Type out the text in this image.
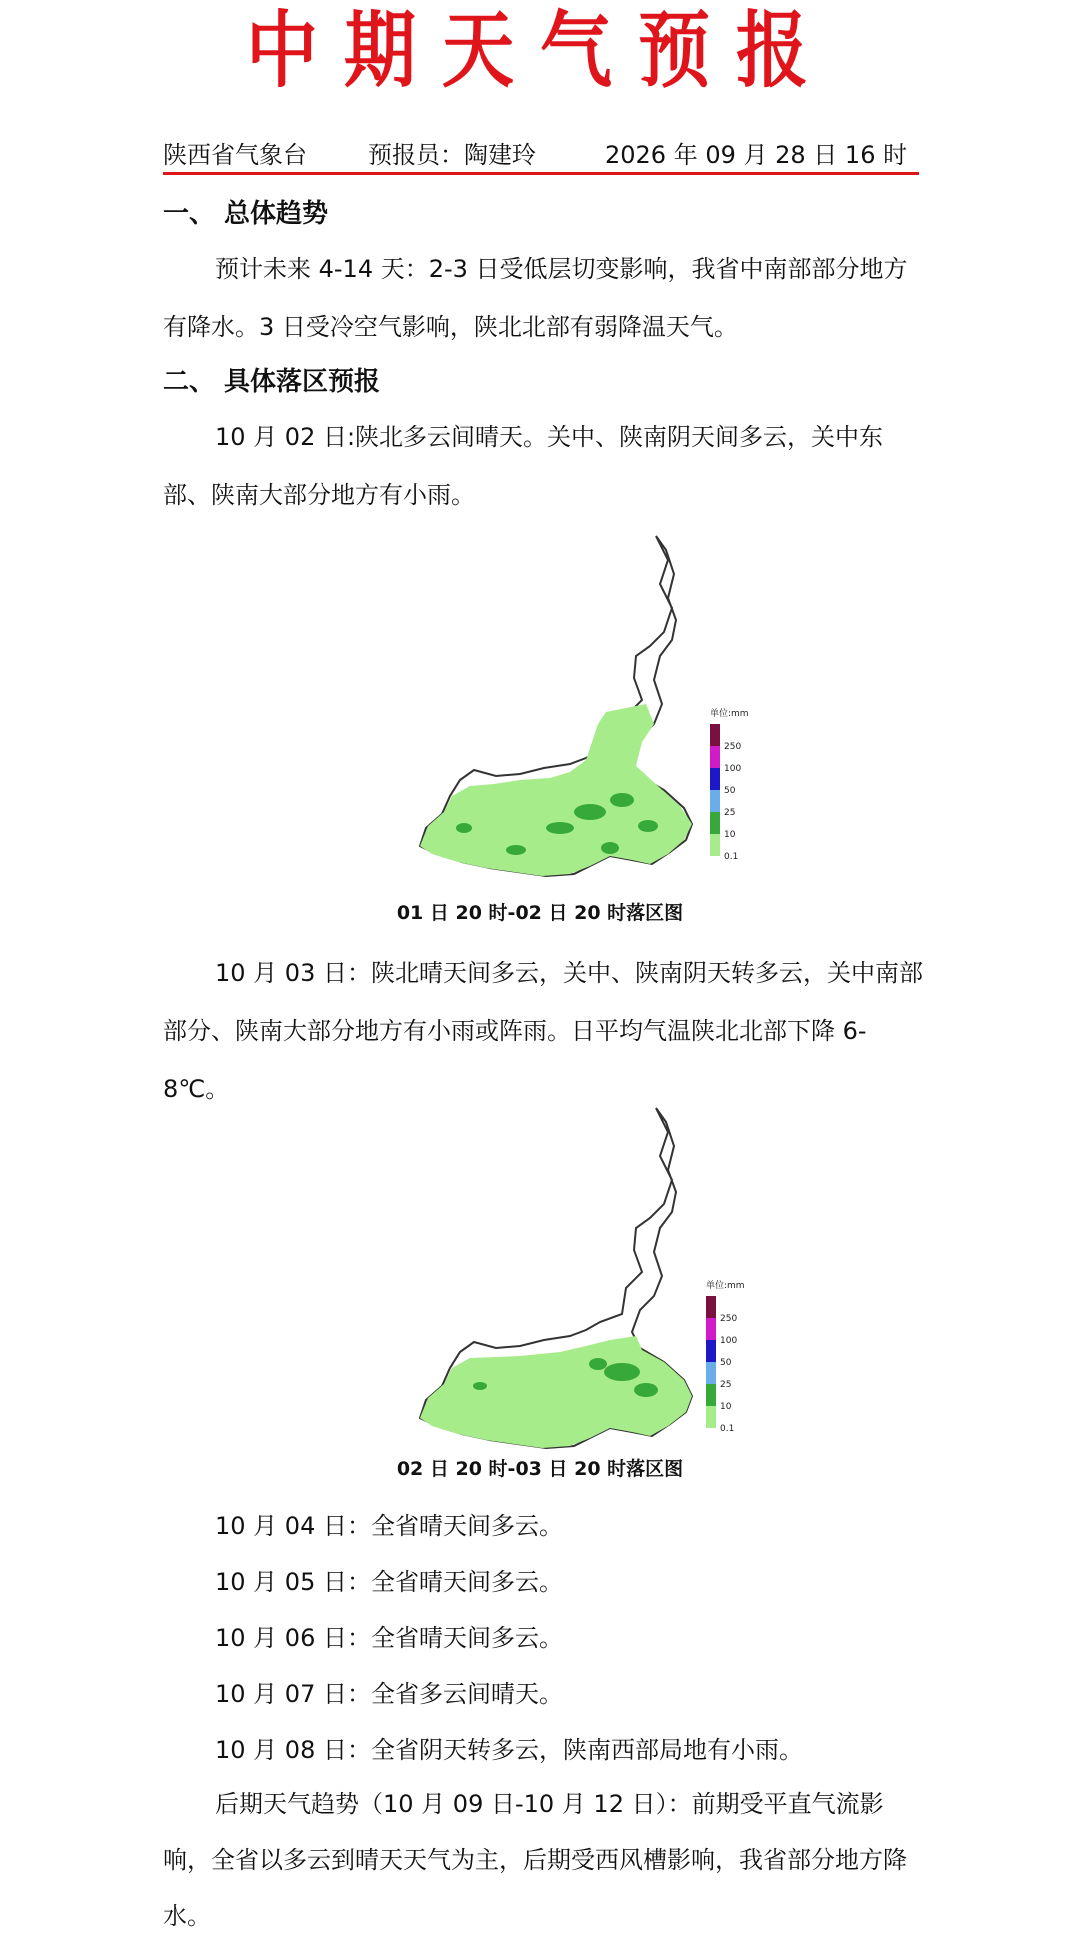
中期天气预报
陕西省气象台	预报员：陶建玲	2026 年 09 月 28 日 16 时
一、 总体趋势
预计未来 4-14 天：2-3 日受低层切变影响，我省中南部部分地方有降水。3 日受冷空气影响，陕北北部有弱降温天气。
二、 具体落区预报
10 月 02 日:陕北多云间晴天。关中、陕南阴天间多云，关中东部、陕南大部分地方有小雨。
单位:mm
250
100
50
25
10
0.1
01 日 20 时-02 日 20 时落区图
10 月 03 日：陕北晴天间多云，关中、陕南阴天转多云，关中南部部分、陕南大部分地方有小雨或阵雨。日平均气温陕北北部下降 6-8℃。
单位:mm
250
100
50
25
10
0.1
02 日 20 时-03 日 20 时落区图
10 月 04 日：全省晴天间多云。
10 月 05 日：全省晴天间多云。
10 月 06 日：全省晴天间多云。
10 月 07 日：全省多云间晴天。
10 月 08 日：全省阴天转多云，陕南西部局地有小雨。
后期天气趋势（10 月 09 日-10 月 12 日）：前期受平直气流影响，全省以多云到晴天天气为主，后期受西风槽影响，我省部分地方降水。
